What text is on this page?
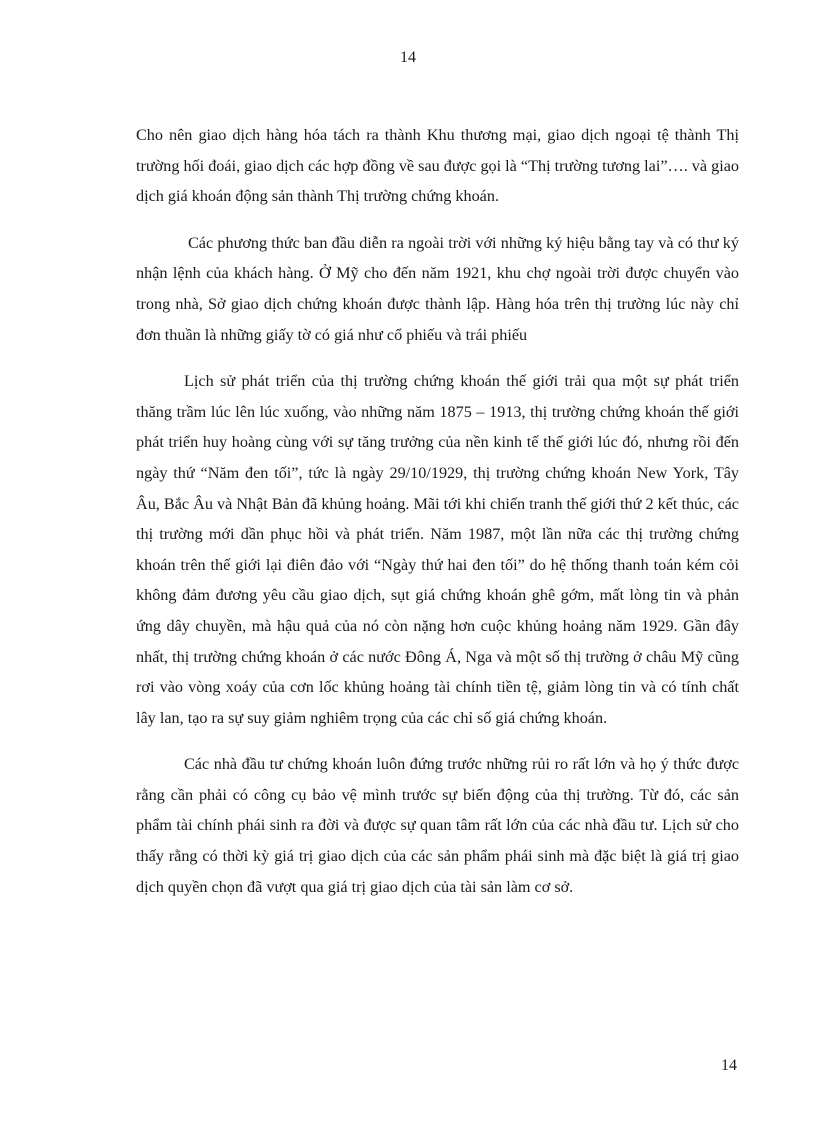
14

Cho nên giao dịch hàng hóa tách ra thành Khu thương mại, giao dịch ngoại tệ thành Thị trường hối đoái, giao dịch các hợp đồng về sau được gọi là “Thị trường tương lai”…. và giao dịch giá khoán động sản thành Thị trường chứng khoán.

Các phương thức ban đầu diễn ra ngoài trời với những ký hiệu bằng tay và có thư ký nhận lệnh của khách hàng. Ở Mỹ cho đến năm 1921, khu chợ ngoài trời được chuyển vào trong nhà, Sở giao dịch chứng khoán được thành lập. Hàng hóa trên thị trường lúc này chỉ đơn thuần là những giấy tờ có giá như cổ phiếu và trái phiếu

Lịch sử phát triển của thị trường chứng khoán thế giới trải qua một sự phát triển thăng trầm lúc lên lúc xuống, vào những năm 1875 – 1913, thị trường chứng khoán thế giới phát triển huy hoàng cùng với sự tăng trưởng của nền kinh tế thế giới lúc đó, nhưng rồi đến ngày thứ “Năm đen tối”, tức là ngày 29/10/1929, thị trường chứng khoán New York, Tây Âu, Bắc Âu và Nhật Bản đã khủng hoảng. Mãi tới khi chiến tranh thế giới thứ 2 kết thúc, các thị trường mới dần phục hồi và phát triển. Năm 1987, một lần nữa các thị trường chứng khoán trên thế giới lại điên đảo với “Ngày thứ hai đen tối” do hệ thống thanh toán kém cỏi không đảm đương yêu cầu giao dịch, sụt giá chứng khoán ghê gớm, mất lòng tin và phản ứng dây chuyền, mà hậu quả của nó còn nặng hơn cuộc khủng hoảng năm 1929. Gần đây nhất, thị trường chứng khoán ở các nước Đông Á, Nga và một số thị trường ở châu Mỹ cũng rơi vào vòng xoáy của cơn lốc khủng hoảng tài chính tiền tệ, giảm lòng tin và có tính chất lây lan, tạo ra sự suy giảm nghiêm trọng của các chỉ số giá chứng khoán.

Các nhà đầu tư chứng khoán luôn đứng trước những rủi ro rất lớn và họ ý thức được rằng cần phải có công cụ bảo vệ mình trước sự biến động của thị trường. Từ đó, các sản phẩm tài chính phái sinh ra đời và được sự quan tâm rất lớn của các nhà đầu tư. Lịch sử cho thấy rằng có thời kỳ giá trị giao dịch của các sản phẩm phái sinh mà đặc biệt là giá trị giao dịch quyền chọn đã vượt qua giá trị giao dịch của tài sản làm cơ sở.

14
